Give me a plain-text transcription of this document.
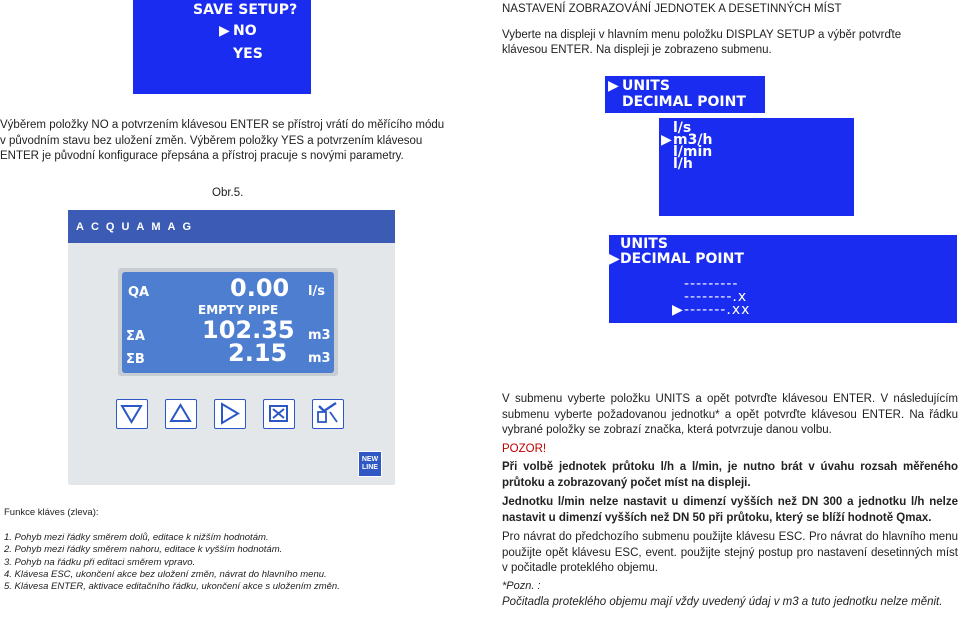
SAVE SETUP?
▶ NO
YES
Výběrem položky NO a potvrzením klávesou ENTER se přístroj vrátí do měřícího módu
v původním stavu bez uložení změn. Výběrem položky YES a potvrzením klávesou
ENTER je původní konfigurace přepsána a přístroj pracuje s novými parametry.
Obr.5.
ACQUAMAG
QA	0.00 l/s
EMPTY PIPE
ΣA 102.35 m3
ΣB	2.15 m3
NEW
LINE
Funkce kláves (zleva):
1. Pohyb mezi řádky směrem dolů, editace k nižším hodnotám.
2. Pohyb mezi řádky směrem nahoru, editace k vyšším hodnotám.
3. Pohyb na řádku při editaci směrem vpravo.
4. Klávesa ESC, ukončení akce bez uložení změn, návrat do hlavního menu.
5. Klávesa ENTER, aktivace editačního řádku, ukončení akce s uložením změn.
NASTAVENÍ ZOBRAZOVÁNÍ JEDNOTEK A DESETINNÝCH MÍST
Vyberte na displeji v hlavním menu položku DISPLAY SETUP a výběr potvrďte
klávesou ENTER. Na displeji je zobrazeno submenu.
▶ UNITS
DECIMAL POINT
l/s
▶ m3/h
l/min
l/h
UNITS
▶ DECIMAL POINT
---------
--------.x
▶ -------.xx
V submenu vyberte položku UNITS a opět potvrďte klávesou ENTER. V následujícím submenu vyberte požadovanou jednotku* a opět potvrďte klávesou ENTER. Na řádku vybrané položky se zobrazí značka, která potvrzuje danou volbu.
POZOR!
Při volbě jednotek průtoku l/h a l/min, je nutno brát v úvahu rozsah měřeného průtoku a zobrazovaný počet míst na displeji.
Jednotku l/min nelze nastavit u dimenzí vyšších než DN 300 a jednotku l/h nelze nastavit u dimenzí vyšších než DN 50 při průtoku, který se blíží hodnotě Qmax.
Pro návrat do předchozího submenu použijte klávesu ESC. Pro návrat do hlavního menu použijte opět klávesu ESC, event. použijte stejný postup pro nastavení desetinných míst v počitadle proteklého objemu.
*Pozn. :
Počitadla proteklého objemu mají vždy uvedený údaj v m3 a tuto jednotku nelze měnit.
